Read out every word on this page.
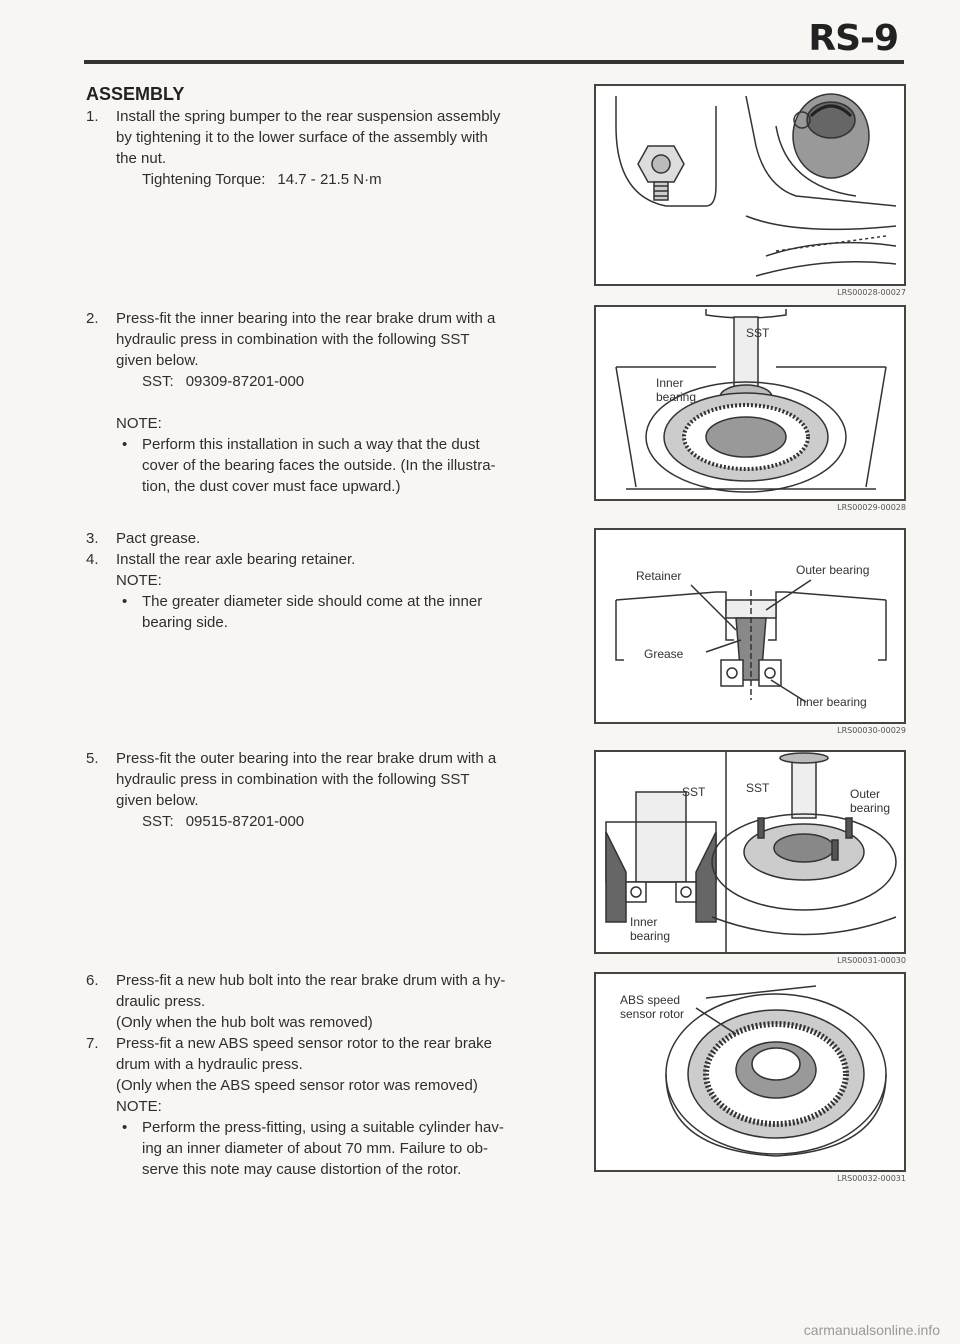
RS-9
ASSEMBLY
1. Install the spring bumper to the rear suspension assembly
by tightening it to the lower surface of the assembly with
the nut.
Tightening Torque: 14.7 - 21.5 N·m
2. Press-fit the inner bearing into the rear brake drum with a
hydraulic press in combination with the following SST
given below.
SST: 09309-87201-000
NOTE:
• Perform this installation in such a way that the dust
cover of the bearing faces the outside. (In the illustra-
tion, the dust cover must face upward.)
3. Pact grease.
4. Install the rear axle bearing retainer.
NOTE:
• The greater diameter side should come at the inner
bearing side.
5. Press-fit the outer bearing into the rear brake drum with a
hydraulic press in combination with the following SST
given below.
SST: 09515-87201-000
6. Press-fit a new hub bolt into the rear brake drum with a hy-
draulic press.
(Only when the hub bolt was removed)
7. Press-fit a new ABS speed sensor rotor to the rear brake
drum with a hydraulic press.
(Only when the ABS speed sensor rotor was removed)
NOTE:
• Perform the press-fitting, using a suitable cylinder hav-
ing an inner diameter of about 70 mm. Failure to ob-
serve this note may cause distortion of the rotor.
LRS00028-00027
SST
Inner
bearing
LRS00029-00028
Retainer	Outer bearing
Grease
Inner bearing
LRS00030-00029
SST	SST	Outer
bearing
Inner
bearing
LRS00031-00030
ABS speed
sensor rotor
LRS00032-00031
carmanualsonline.info
